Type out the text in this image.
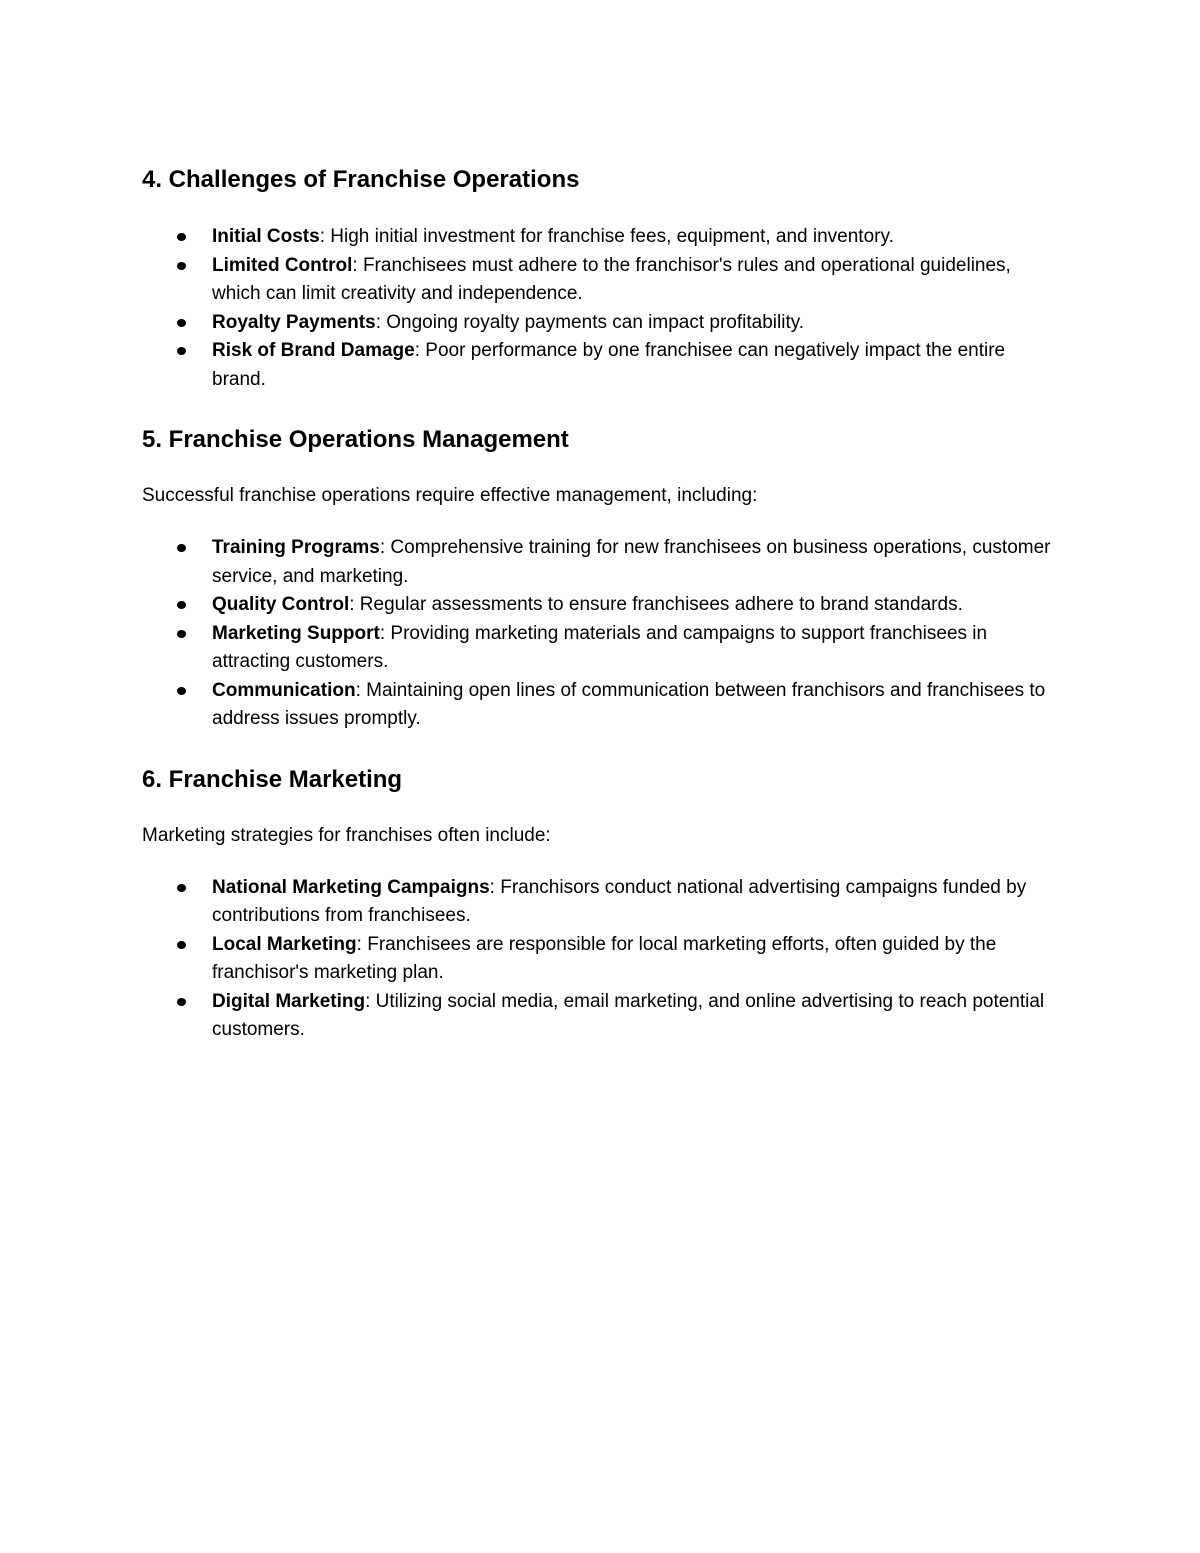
4. Challenges of Franchise Operations
Initial Costs: High initial investment for franchise fees, equipment, and inventory.
Limited Control: Franchisees must adhere to the franchisor's rules and operational guidelines, which can limit creativity and independence.
Royalty Payments: Ongoing royalty payments can impact profitability.
Risk of Brand Damage: Poor performance by one franchisee can negatively impact the entire brand.
5. Franchise Operations Management

Successful franchise operations require effective management, including:

Training Programs: Comprehensive training for new franchisees on business operations, customer service, and marketing.
Quality Control: Regular assessments to ensure franchisees adhere to brand standards.
Marketing Support: Providing marketing materials and campaigns to support franchisees in attracting customers.
Communication: Maintaining open lines of communication between franchisors and franchisees to address issues promptly.
6. Franchise Marketing

Marketing strategies for franchises often include:

National Marketing Campaigns: Franchisors conduct national advertising campaigns funded by contributions from franchisees.
Local Marketing: Franchisees are responsible for local marketing efforts, often guided by the franchisor's marketing plan.
Digital Marketing: Utilizing social media, email marketing, and online advertising to reach potential customers.
